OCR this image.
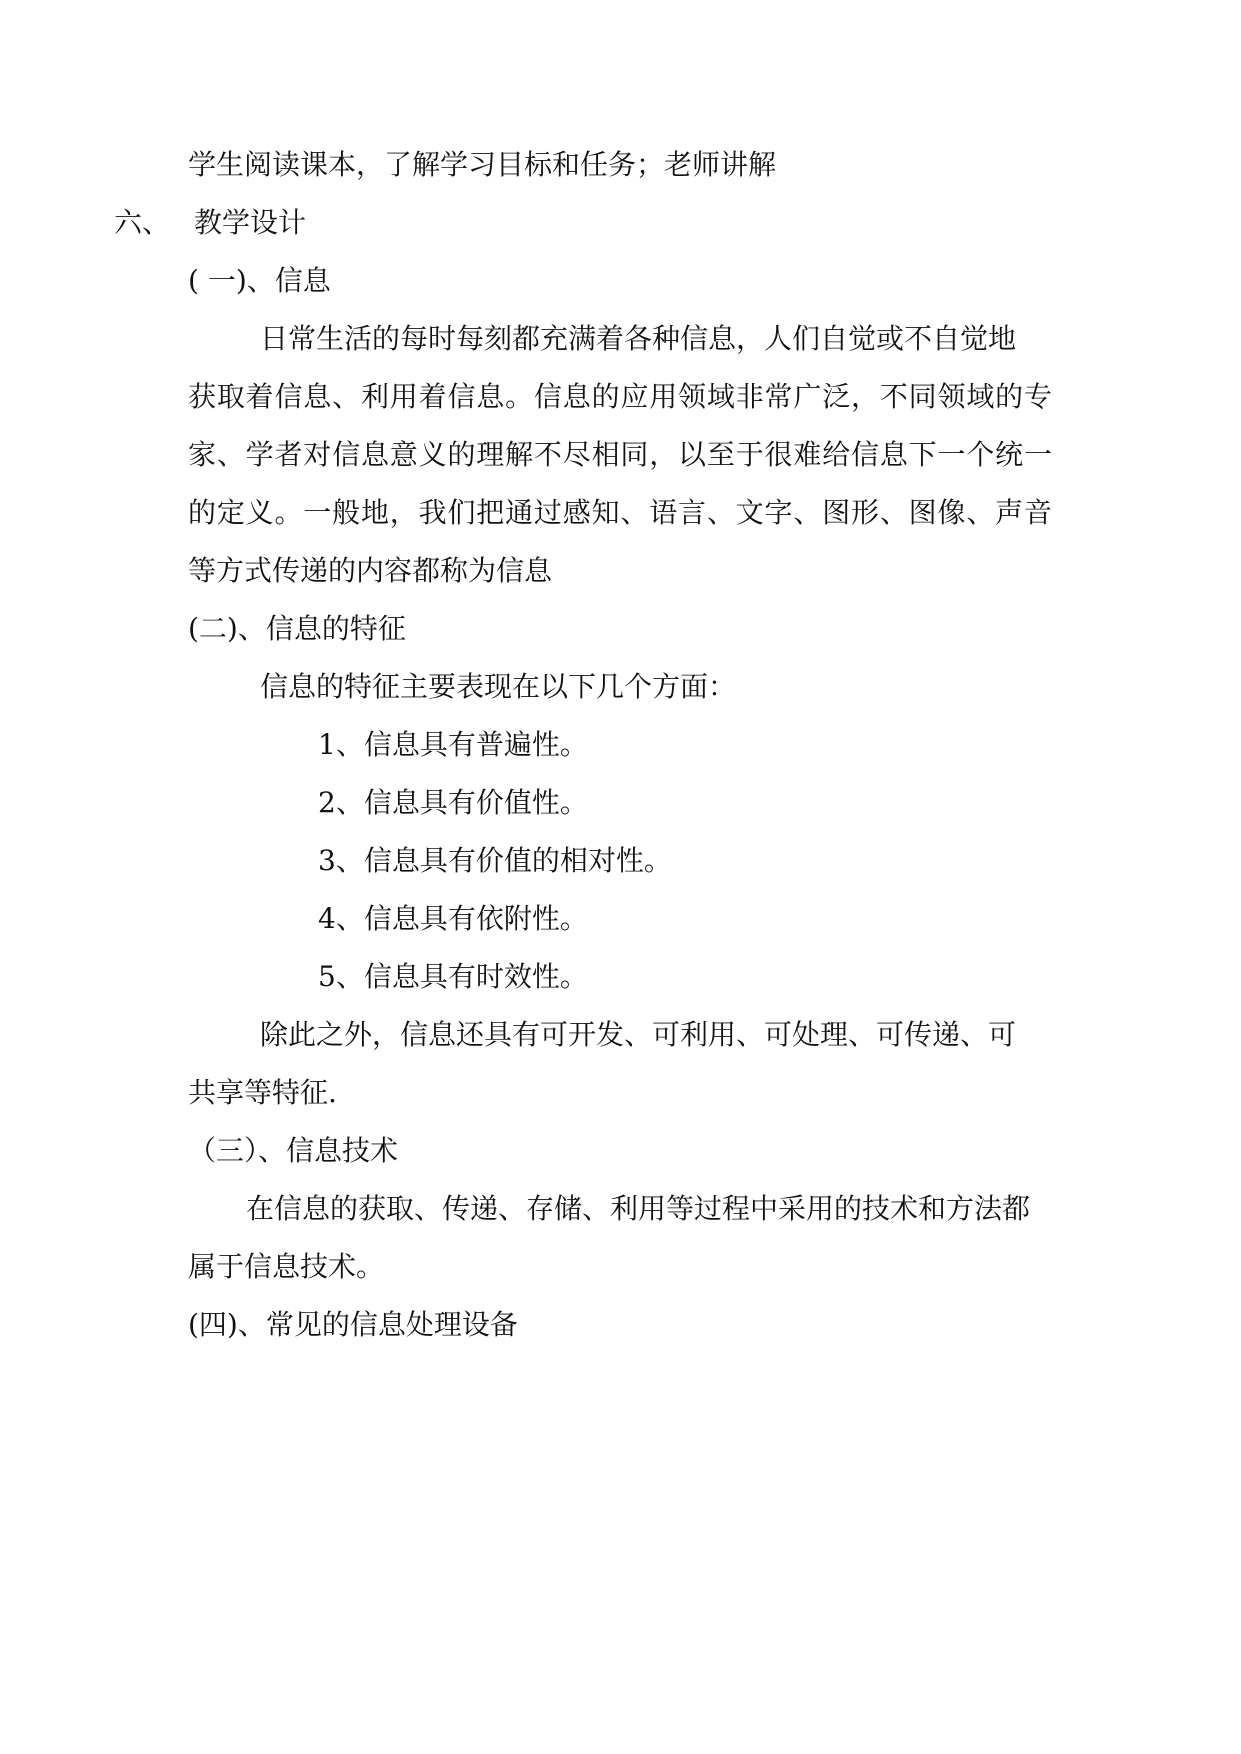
学生阅读课本，了解学习目标和任务；老师讲解
六、 教学设计
( 一)、信息
日常生活的每时每刻都充满着各种信息，人们自觉或不自觉地
获取着信息、利用着信息。信息的应用领域非常广泛，不同领域的专
家、学者对信息意义的理解不尽相同，以至于很难给信息下一个统一
的定义。一般地，我们把通过感知、语言、文字、图形、图像、声音
等方式传递的内容都称为信息
(二)、信息的特征
信息的特征主要表现在以下几个方面：
1、信息具有普遍性。
2、信息具有价值性。
3、信息具有价值的相对性。
4、信息具有依附性。
5、信息具有时效性。
除此之外，信息还具有可开发、可利用、可处理、可传递、可
共享等特征.
（三）、信息技术
在信息的获取、传递、存储、利用等过程中采用的技术和方法都
属于信息技术。
(四)、常见的信息处理设备
